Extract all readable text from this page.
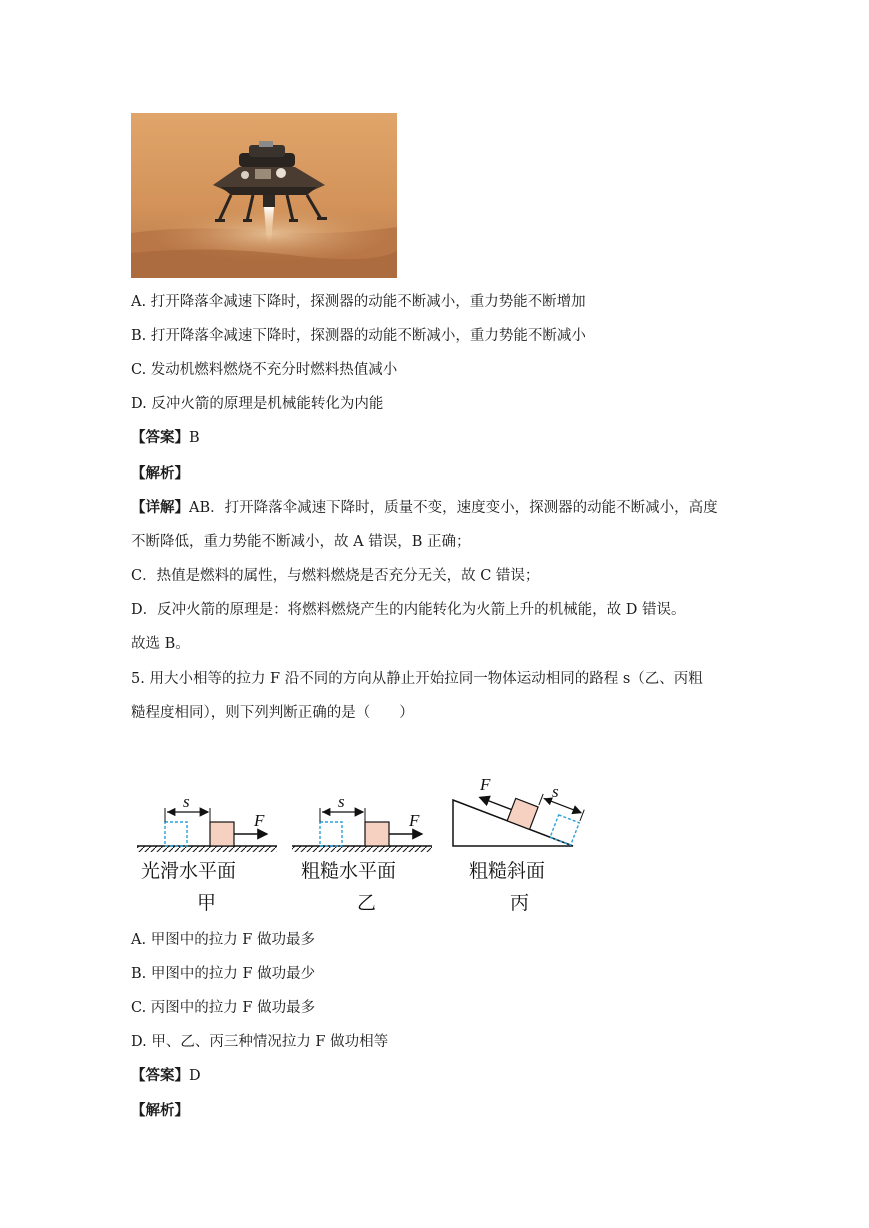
A. 打开降落伞减速下降时，探测器的动能不断减小，重力势能不断增加
B. 打开降落伞减速下降时，探测器的动能不断减小，重力势能不断减小
C. 发动机燃料燃烧不充分时燃料热值减小
D. 反冲火箭的原理是机械能转化为内能
【答案】B
【解析】
【详解】AB．打开降落伞减速下降时，质量不变，速度变小，探测器的动能不断减小，高度
不断降低，重力势能不断减小，故 A 错误，B 正确；
C．热值是燃料的属性，与燃料燃烧是否充分无关，故 C 错误；
D．反冲火箭的原理是：将燃料燃烧产生的内能转化为火箭上升的机械能，故 D 错误。
故选 B。
5. 用大小相等的拉力 F 沿不同的方向从静止开始拉同一物体运动相同的路程 s（乙、丙粗
糙程度相同），则下列判断正确的是（　　）
s
F
光滑水平面
甲
s
F
粗糙水平面
乙
F	s
粗糙斜面
丙
A. 甲图中的拉力 F 做功最多
B. 甲图中的拉力 F 做功最少
C. 丙图中的拉力 F 做功最多
D. 甲、乙、丙三种情况拉力 F 做功相等
【答案】D
【解析】
